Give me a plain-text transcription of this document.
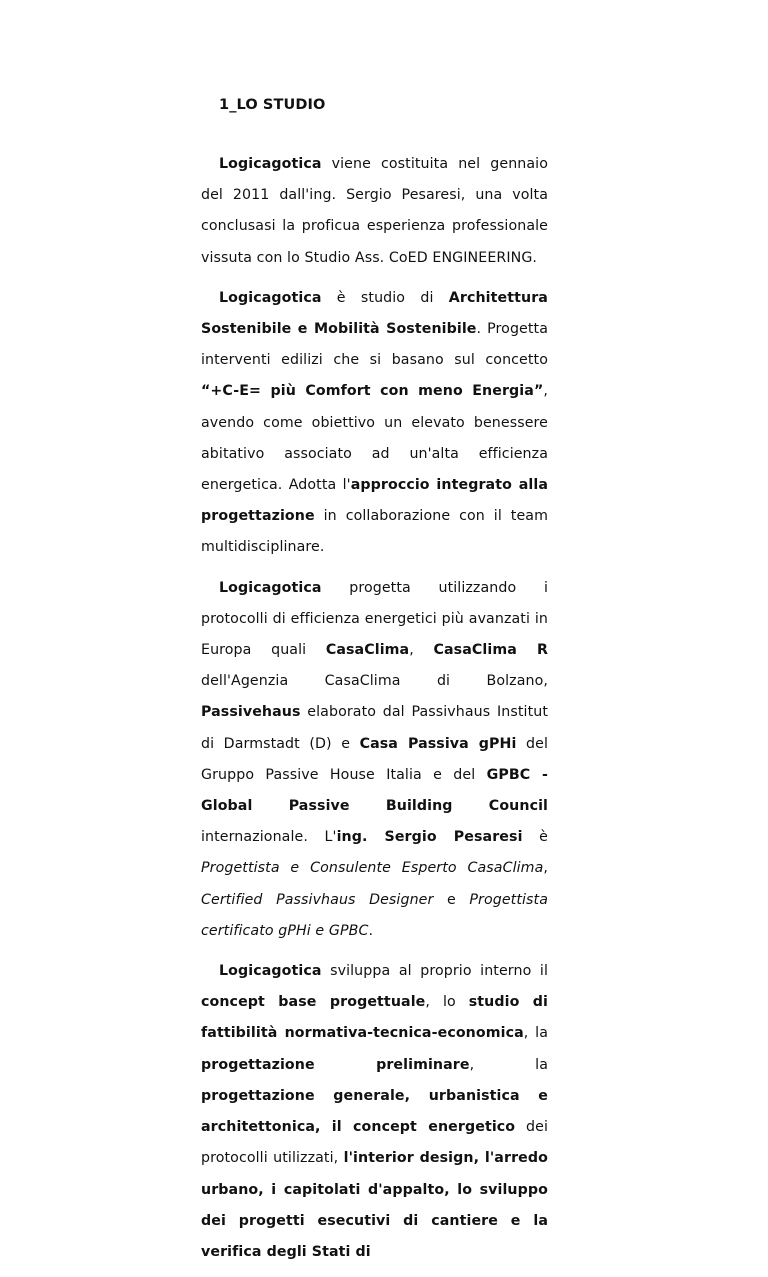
1_LO STUDIO

Logicagotica viene costituita nel gennaio del 2011 dall'ing. Sergio Pesaresi, una volta conclusasi la proficua esperienza professionale vissuta con lo Studio Ass. CoED ENGINEERING.

Logicagotica è studio di Architettura Sostenibile e Mobilità Sostenibile. Progetta interventi edilizi che si basano sul concetto “+C-E= più Comfort con meno Energia”, avendo come obiettivo un elevato benessere abitativo associato ad un'alta efficienza energetica. Adotta l'approccio integrato alla progettazione in collaborazione con il team multidisciplinare.

Logicagotica progetta utilizzando i protocolli di efficienza energetici più avanzati in Europa quali CasaClima, CasaClima R dell'Agenzia CasaClima di Bolzano, Passivehaus elaborato dal Passivhaus Institut di Darmstadt (D) e Casa Passiva gPHi del Gruppo Passive House Italia e del GPBC - Global Passive Building Council internazionale. L'ing. Sergio Pesaresi è Progettista e Consulente Esperto CasaClima, Certified Passivhaus Designer e Progettista certificato gPHi e GPBC.

Logicagotica sviluppa al proprio interno il concept base progettuale, lo studio di fattibilità normativa-tecnica-economica, la progettazione preliminare, la progettazione generale, urbanistica e architettonica, il concept energetico dei protocolli utilizzati, l'interior design, l'arredo urbano, i capitolati d'appalto, lo sviluppo dei progetti esecutivi di cantiere e la verifica degli Stati di
